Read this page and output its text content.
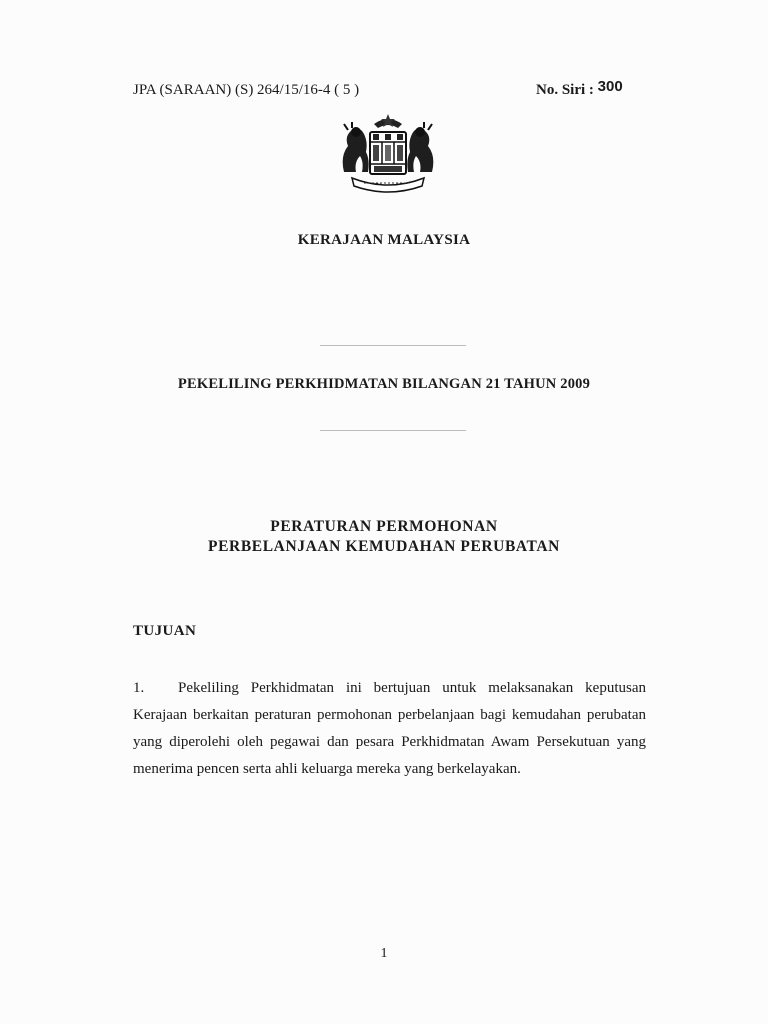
JPA (SARAAN) (S) 264/15/16-4 ( 5 )	No. Siri : 300
KERAJAAN MALAYSIA
PEKELILING PERKHIDMATAN BILANGAN 21 TAHUN 2009
PERATURAN PERMOHONAN
PERBELANJAAN KEMUDAHAN PERUBATAN
TUJUAN
1. Pekeliling Perkhidmatan ini bertujuan untuk melaksanakan keputusan Kerajaan berkaitan peraturan permohonan perbelanjaan bagi kemudahan perubatan yang diperolehi oleh pegawai dan pesara Perkhidmatan Awam Persekutuan yang menerima pencen serta ahli keluarga mereka yang berkelayakan.
1
